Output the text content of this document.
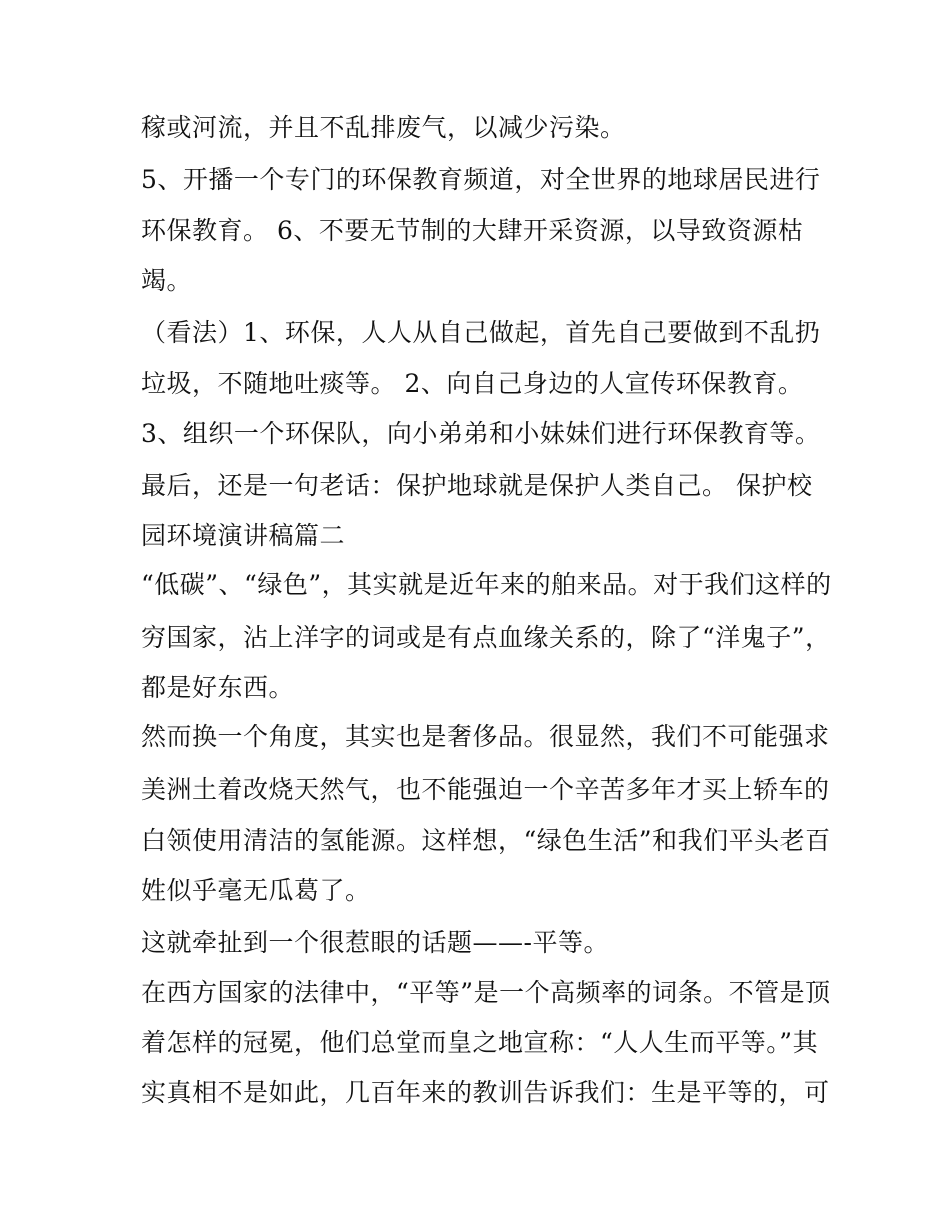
稼或河流，并且不乱排废气，以减少污染。
5、开播一个专门的环保教育频道，对全世界的地球居民进行
环保教育。 6、不要无节制的大肆开采资源，以导致资源枯
竭。
（看法）1、环保，人人从自己做起，首先自己要做到不乱扔
垃圾，不随地吐痰等。 2、向自己身边的人宣传环保教育。
3、组织一个环保队，向小弟弟和小妹妹们进行环保教育等。
最后，还是一句老话：保护地球就是保护人类自己。 保护校
园环境演讲稿篇二
“低碳”、“绿色”，其实就是近年来的舶来品。对于我们这样的
穷国家，沾上洋字的词或是有点血缘关系的，除了“洋鬼子”，
都是好东西。
然而换一个角度，其实也是奢侈品。很显然，我们不可能强求
美洲土着改烧天然气，也不能强迫一个辛苦多年才买上轿车的
白领使用清洁的氢能源。这样想，“绿色生活”和我们平头老百
姓似乎毫无瓜葛了。
这就牵扯到一个很惹眼的话题——-平等。
在西方国家的法律中，“平等”是一个高频率的词条。不管是顶
着怎样的冠冕，他们总堂而皇之地宣称：“人人生而平等。”其
实真相不是如此，几百年来的教训告诉我们：生是平等的，可
